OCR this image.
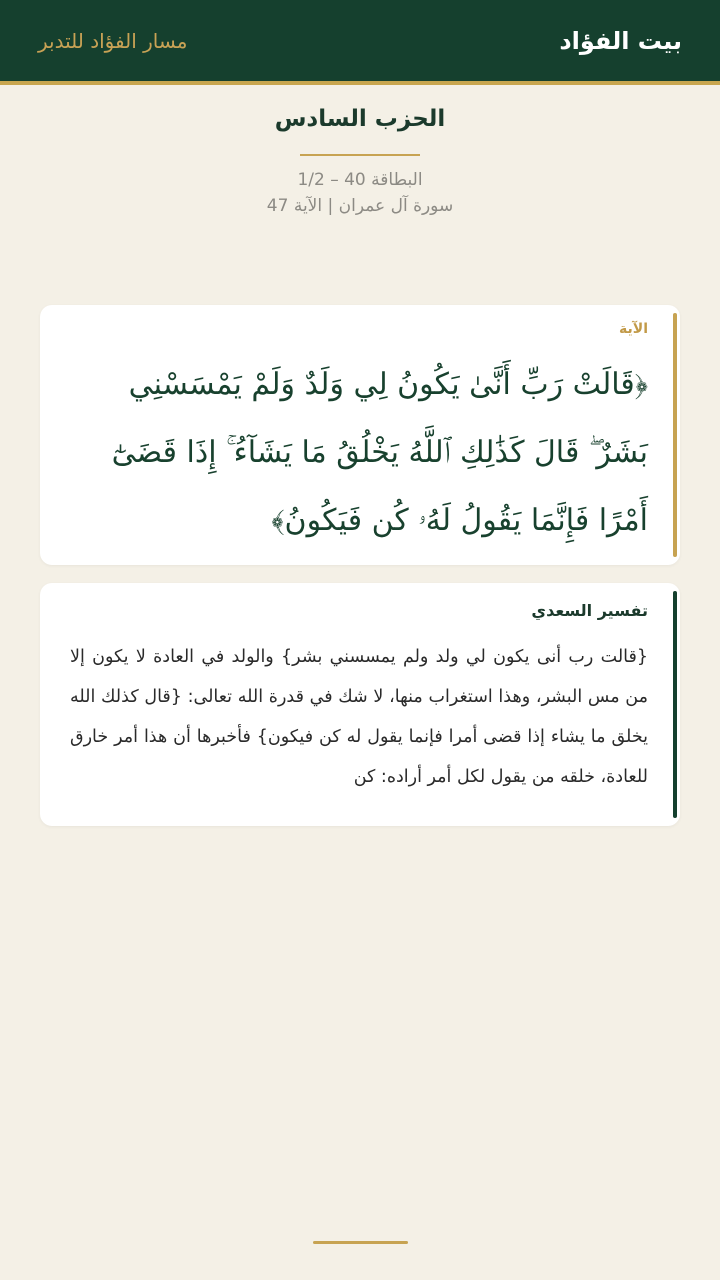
بيت الفؤاد
مسار الفؤاد للتدبر
الحزب السادس
البطاقة 40 – 1/2
سورة آل عمران | الآية 47
الآية
﴿قَالَتْ رَبِّ أَنَّىٰ يَكُونُ لِي وَلَدٌ وَلَمْ يَمْسَسْنِي بَشَرٌ ۖ قَالَ كَذَٰلِكِ ٱللَّهُ يَخْلُقُ مَا يَشَآءُ ۚ إِذَا قَضَىٰٓ أَمْرًا فَإِنَّمَا يَقُولُ لَهُۥ كُن فَيَكُونُ﴾
تفسير السعدي
{قالت رب أنى يكون لي ولد ولم يمسسني بشر} والولد في العادة لا يكون إلا من مس البشر، وهذا استغراب منها، لا شك في قدرة الله تعالى: {قال كذلك الله يخلق ما يشاء إذا قضى أمرا فإنما يقول له كن فيكون} فأخبرها أن هذا أمر خارق للعادة، خلقه من يقول لكل أمر أراده: كن
